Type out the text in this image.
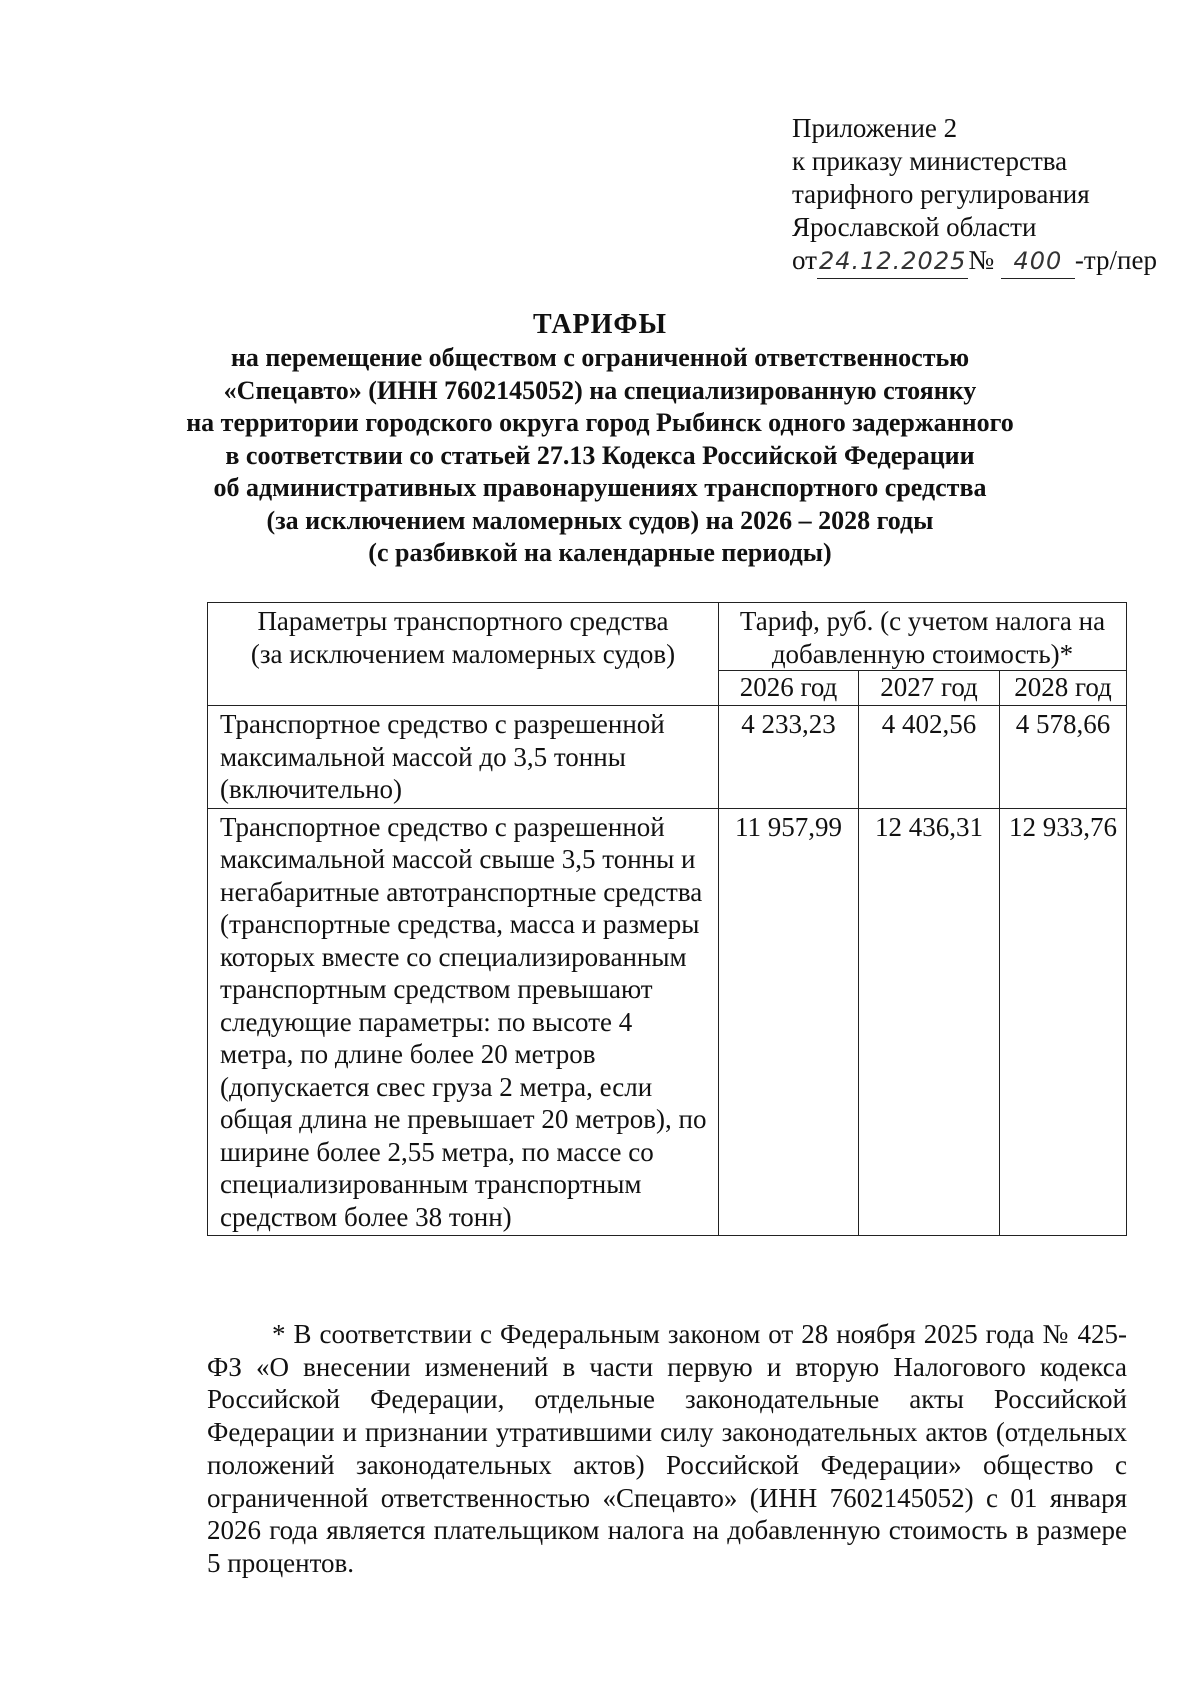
Приложение 2
к приказу министерства
тарифного регулирования
Ярославской области
от24.12.2025№ 400 -тр/пер
ТАРИФЫ
на перемещение обществом с ограниченной ответственностью
«Спецавто» (ИНН 7602145052) на специализированную стоянку
на территории городского округа город Рыбинск одного задержанного
в соответствии со статьей 27.13 Кодекса Российской Федерации
об административных правонарушениях транспортного средства
(за исключением маломерных судов) на 2026 – 2028 годы
(с разбивкой на календарные периоды)
Параметры транспортного средства (за исключением маломерных судов)	Тариф, руб. (с учетом налога на добавленную стоимость)*		

	2026 год	2027 год	2028 год
Транспортное средство с разрешенной максимальной массой до 3,5 тонны (включительно)	4 233,23	4 402,56	4 578,66
Транспортное средство с разрешенной максимальной массой свыше 3,5 тонны и негабаритные автотранспортные средства (транспортные средства, масса и размеры которых вместе со специализированным транспортным средством превышают следующие параметры: по высоте 4 метра, по длине более 20 метров (допускается свес груза 2 метра, если общая длина не превышает 20 метров), по ширине более 2,55 метра, по массе со специализированным транспортным средством более 38 тонн)	11 957,99	12 436,31	12 933,76
* В соответствии с Федеральным законом от 28 ноября 2025 года № 425-ФЗ «О внесении изменений в части первую и вторую Налогового кодекса Российской Федерации, отдельные законодательные акты Российской Федерации и признании утратившими силу законодательных актов (отдельных положений законодательных актов) Российской Федерации» общество с ограниченной ответственностью «Спецавто» (ИНН 7602145052) с 01 января 2026 года является плательщиком налога на добавленную стоимость в размере 5 процентов.
